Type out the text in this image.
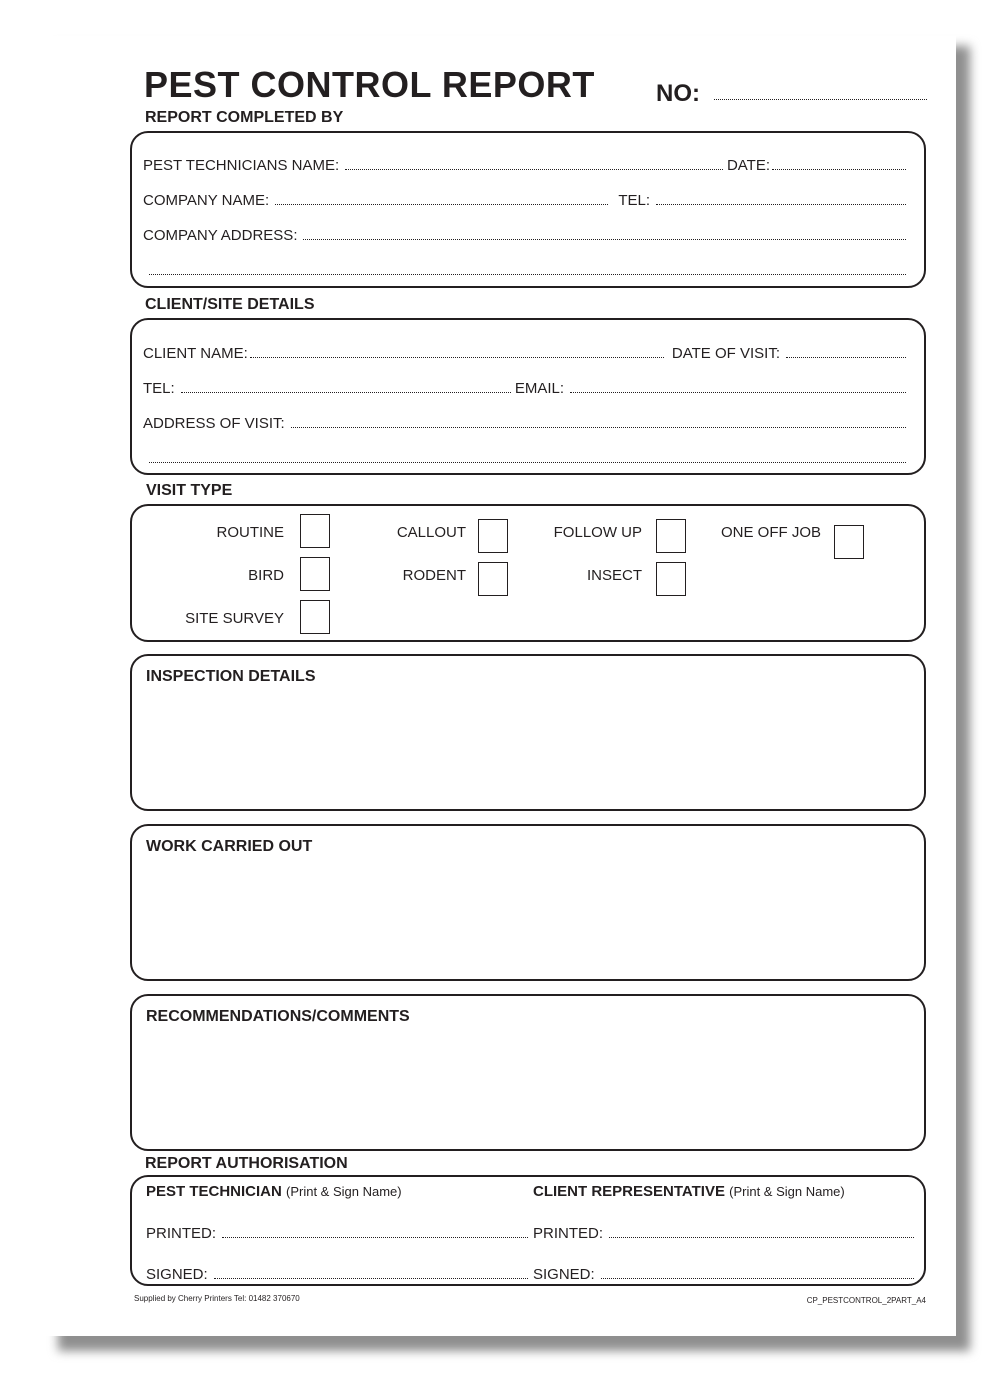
PEST CONTROL REPORT	NO:
REPORT COMPLETED BY
PEST TECHNICIANS NAME:	DATE:
COMPANY NAME:	TEL:
COMPANY ADDRESS:
CLIENT/SITE DETAILS
CLIENT NAME:	DATE OF VISIT:
TEL:	EMAIL:
ADDRESS OF VISIT:
VISIT TYPE
ROUTINE	CALLOUT	FOLLOW UP	ONE OFF JOB
BIRD	RODENT	INSECT
SITE SURVEY
INSPECTION DETAILS
WORK CARRIED OUT
RECOMMENDATIONS/COMMENTS
REPORT AUTHORISATION
PEST TECHNICIAN (Print & Sign Name)	CLIENT REPRESENTATIVE (Print & Sign Name)
PRINTED:	PRINTED:
SIGNED:	SIGNED:
Supplied by Cherry Printers Tel: 01482 370670	CP_PESTCONTROL_2PART_A4
